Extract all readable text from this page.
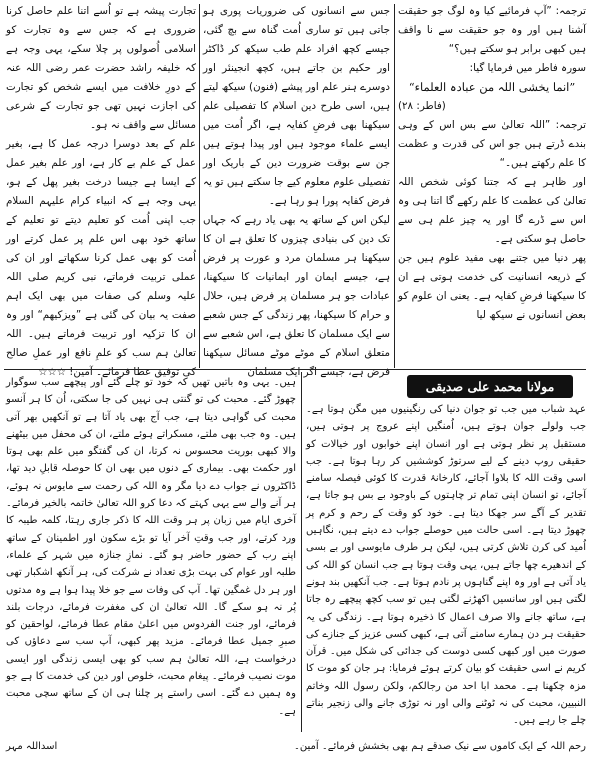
ترجمہ: ”آپ فرمائیے کیا وہ لوگ جو حقیقت آشنا ہیں اور وہ جو حقیقت سے نا واقف ہیں کبھی برابر ہو سکتے ہیں؟“

سورہ فاطر میں فرمایا گیا:

”انما یخشی اللہ من عبادہ العلماء“

(فاطر: ۲۸)

ترجمہ: ”اللہ تعالیٰ سے بس اس کے وہی بندے ڈرتے ہیں جو اس کی قدرت و عظمت کا علم رکھتے ہیں۔“

اور ظاہر ہے کہ جتنا کوئی شخص اللہ تعالیٰ کی عظمت کا علم رکھے گا اتنا ہی وہ اس سے ڈرے گا اور یہ چیز علم ہی سے حاصل ہو سکتی ہے۔

پھر دنیا میں جتنے بھی مفید علوم ہیں جن کے ذریعہ انسانیت کی خدمت ہوتی ہے ان کا سیکھنا فرضِ کفایہ ہے۔ یعنی ان علوم کو بعض انسانوں نے سیکھ لیا

جس سے انسانوں کی ضروریات پوری ہو جاتی ہیں تو ساری اُمت گناہ سے بچ گئی، جیسے کچھ افراد علم طب سیکھ کر ڈاکٹر اور حکیم بن جاتے ہیں، کچھ انجینئر اور دوسرے ہنر علم اور پیشے (فنون) سیکھ لیتے ہیں، اسی طرح دین اسلام کا تفصیلی علم سیکھنا بھی فرضِ کفایہ ہے، اگر اُمت میں ایسے علماء موجود ہیں اور پیدا ہوتے ہیں جن سے بوقت ضرورت دین کے باریک اور تفصیلی علوم معلوم کیے جا سکتے ہیں تو یہ فرض کفایہ پورا ہو رہا ہے۔

لیکن اس کے ساتھ یہ بھی یاد رہے کہ جہاں تک دین کی بنیادی چیزوں کا تعلق ہے ان کا سیکھنا ہر مسلمان مرد و عورت پر فرض ہے، جیسے ایمان اور ایمانیات کا سیکھنا، عبادات جو ہر مسلمان پر فرض ہیں، حلال و حرام کا سیکھنا، پھر زندگی کے جس شعبے سے ایک مسلمان کا تعلق ہے، اس شعبے سے متعلق اسلام کے موٹے موٹے مسائل سیکھنا فرض ہے، جیسے اگر ایک مسلمان

تجارت پیشہ ہے تو اُسے اتنا علم حاصل کرنا ضروری ہے کہ جس سے وہ تجارت کو اسلامی اُصولوں پر چلا سکے، یہی وجہ ہے کہ خلیفہ راشد حضرت عمر رضی اللہ عنہ کے دورِ خلافت میں ایسے شخص کو تجارت کی اجازت نہیں تھی جو تجارت کے شرعی مسائل سے واقف نہ ہو۔

علم کے بعد دوسرا درجہ عمل کا ہے، بغیر عمل کے علم بے کار ہے، اور علم بغیر عمل کے ایسا ہے جیسا درخت بغیر پھل کے ہو، یہی وجہ ہے کہ انبیاء کرام علیہم السلام جب اپنی اُمت کو تعلیم دیتے تو تعلیم کے ساتھ خود بھی اس علم پر عمل کرتے اور اُمت کو بھی عمل کرنا سکھاتے اور ان کی عملی تربیت فرماتے، نبی کریم صلی اللہ علیہ وسلم کی صفات میں بھی ایک اہم صفت یہ بیان کی گئی ہے ”ویزکیھم“ اور وہ ان کا تزکیہ اور تربیت فرماتے ہیں۔ اللہ تعالیٰ ہم سب کو علمِ نافع اور عملِ صالح کی توفیق عطا فرمائے۔ آمین! ☆☆☆

مولانا محمد علی صدیقی
عہد شباب میں جب تو جوان دنیا کی رنگینیوں میں مگن ہوتا ہے۔ جب ولولے جوان ہوتے ہیں، اُمنگیں اپنے عروج پر ہوتی ہیں، مستقبل پر نظر ہوتی ہے اور انسان اپنے خوابوں اور خیالات کو حقیقی روپ دینے کے لیے سرتوڑ کوششیں کر رہا ہوتا ہے۔ جب اسی وقت اللہ کا بلاوا آجائے، کارخانۂ قدرت کا کوئی فیصلہ سامنے آجائے، تو انسان اپنی تمام تر چاہتوں کے باوجود بے بس ہو جاتا ہے، تقدیر کے آگے سر جھکا دیتا ہے۔ خود کو وقت کے رحم و کرم پر چھوڑ دیتا ہے۔ اسی حالت میں حوصلے جواب دے دیتے ہیں، نگاہیں اُمید کی کرن تلاش کرتی ہیں، لیکن ہر طرف مایوسی اور بے بسی کے اندھیرے چھا جاتے ہیں، یہی وقت ہوتا ہے جب انسان کو اللہ کی یاد آتی ہے اور وہ اپنے گناہوں پر نادم ہوتا ہے۔ جب آنکھیں بند ہونے لگتی ہیں اور سانسیں اکھڑنے لگتی ہیں تو سب کچھ پیچھے رہ جاتا ہے، ساتھ جانے والا صرف اعمال کا ذخیرہ ہوتا ہے۔ زندگی کی یہ حقیقت ہر دن ہمارے سامنے آتی ہے، کبھی کسی عزیز کے جنازے کی صورت میں اور کبھی کسی دوست کی جدائی کی شکل میں۔ قرآن کریم نے اسی حقیقت کو بیان کرتے ہوئے فرمایا: ہر جان کو موت کا مزہ چکھنا ہے۔ محمد ابا احد من رجالکم، ولکن رسول اللہ وخاتم النبیین، محبت کی نہ ٹوٹنے والی اور نہ توڑی جانے والی زنجیر بناتے چلے جا رہے ہیں۔
ہیں۔ یہی وہ باتیں تھیں کہ خود تو چلے گئے اور پیچھے سب سوگوار چھوڑ گئے۔ محبت کی تو گنتی ہی نہیں کی جا سکتی، اُن کا ہر آنسو محبت کی گواہی دیتا ہے، جب آج بھی یاد آتا ہے تو آنکھیں بھر آتی ہیں۔ وہ جب بھی ملتے، مسکراتے ہوئے ملتے، ان کی محفل میں بیٹھنے والا کبھی بوریت محسوس نہ کرتا، ان کی گفتگو میں علم بھی ہوتا اور حکمت بھی۔ بیماری کے دنوں میں بھی ان کا حوصلہ قابلِ دید تھا، ڈاکٹروں نے جواب دے دیا مگر وہ اللہ کی رحمت سے مایوس نہ ہوئے، ہر آنے والے سے یہی کہتے کہ دعا کرو اللہ تعالیٰ خاتمہ بالخیر فرمائے۔ آخری ایام میں زبان پر ہر وقت اللہ کا ذکر جاری رہتا، کلمہ طیبہ کا ورد کرتے، اور جب وقتِ آخر آیا تو بڑے سکون اور اطمینان کے ساتھ اپنے رب کے حضور حاضر ہو گئے۔ نمازِ جنازہ میں شہر کے علماء، طلبہ اور عوام کی بہت بڑی تعداد نے شرکت کی، ہر آنکھ اشکبار تھی اور ہر دل غمگین تھا۔ آپ کی وفات سے جو خلا پیدا ہوا ہے وہ مدتوں پُر نہ ہو سکے گا۔ اللہ تعالیٰ ان کی مغفرت فرمائے، درجات بلند فرمائے، اور جنت الفردوس میں اعلیٰ مقام عطا فرمائے، لواحقین کو صبرِ جمیل عطا فرمائے۔ مزید پھر کبھی، آپ سب سے دعاؤں کی درخواست ہے، اللہ تعالیٰ ہم سب کو بھی ایسی زندگی اور ایسی موت نصیب فرمائے۔ پیغام محبت، خلوص اور دین کی خدمت کا ہے جو وہ ہمیں دے گئے۔ اسی راستے پر چلنا ہی ان کے ساتھ سچی محبت ہے۔
رحم اللہ کے ایک کاموں سے نیک صدقے ہم بھی بخشش فرمائے۔ آمین۔
اسداللہ مہر
